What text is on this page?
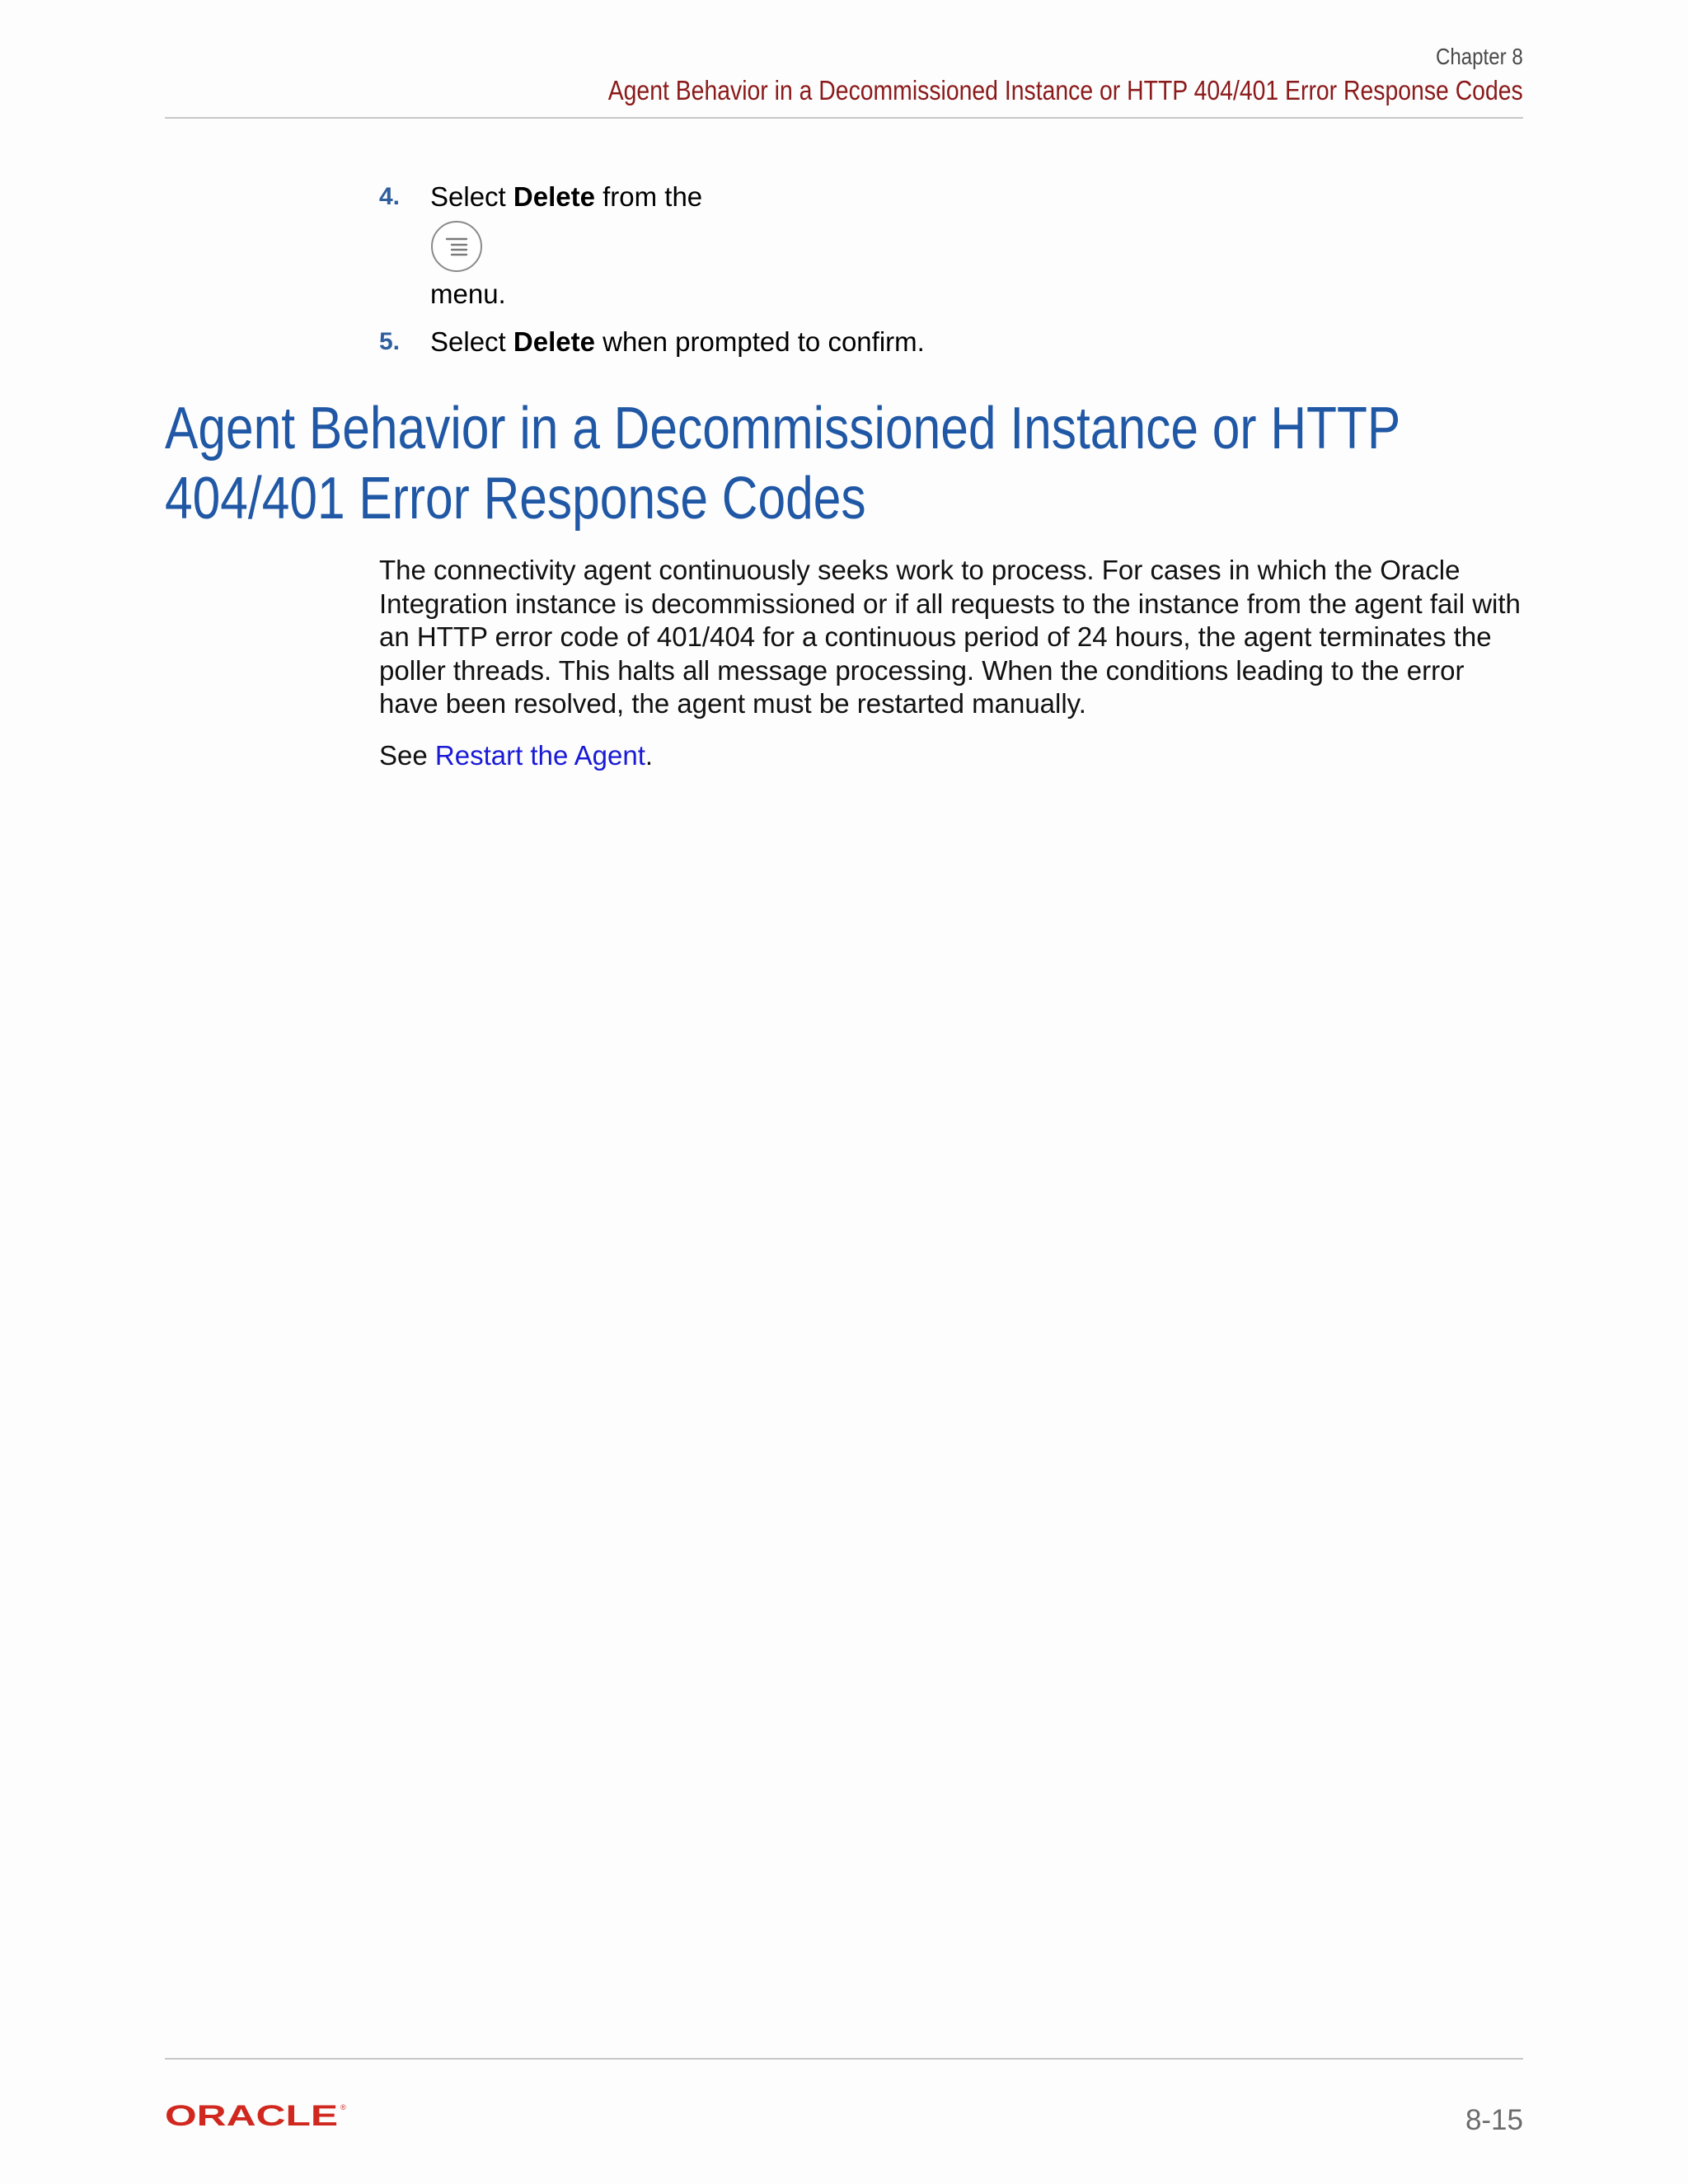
Chapter 8
Agent Behavior in a Decommissioned Instance or HTTP 404/401 Error Response Codes
4. Select Delete from the
menu.
5. Select Delete when prompted to confirm.
Agent Behavior in a Decommissioned Instance or HTTP
404/401 Error Response Codes

The connectivity agent continuously seeks work to process. For cases in which the Oracle Integration instance is decommissioned or if all requests to the instance from the agent fail with an HTTP error code of 401/404 for a continuous period of 24 hours, the agent terminates the poller threads. This halts all message processing. When the conditions leading to the error have been resolved, the agent must be restarted manually.

See Restart the Agent.

ORACLE ®	8-15
